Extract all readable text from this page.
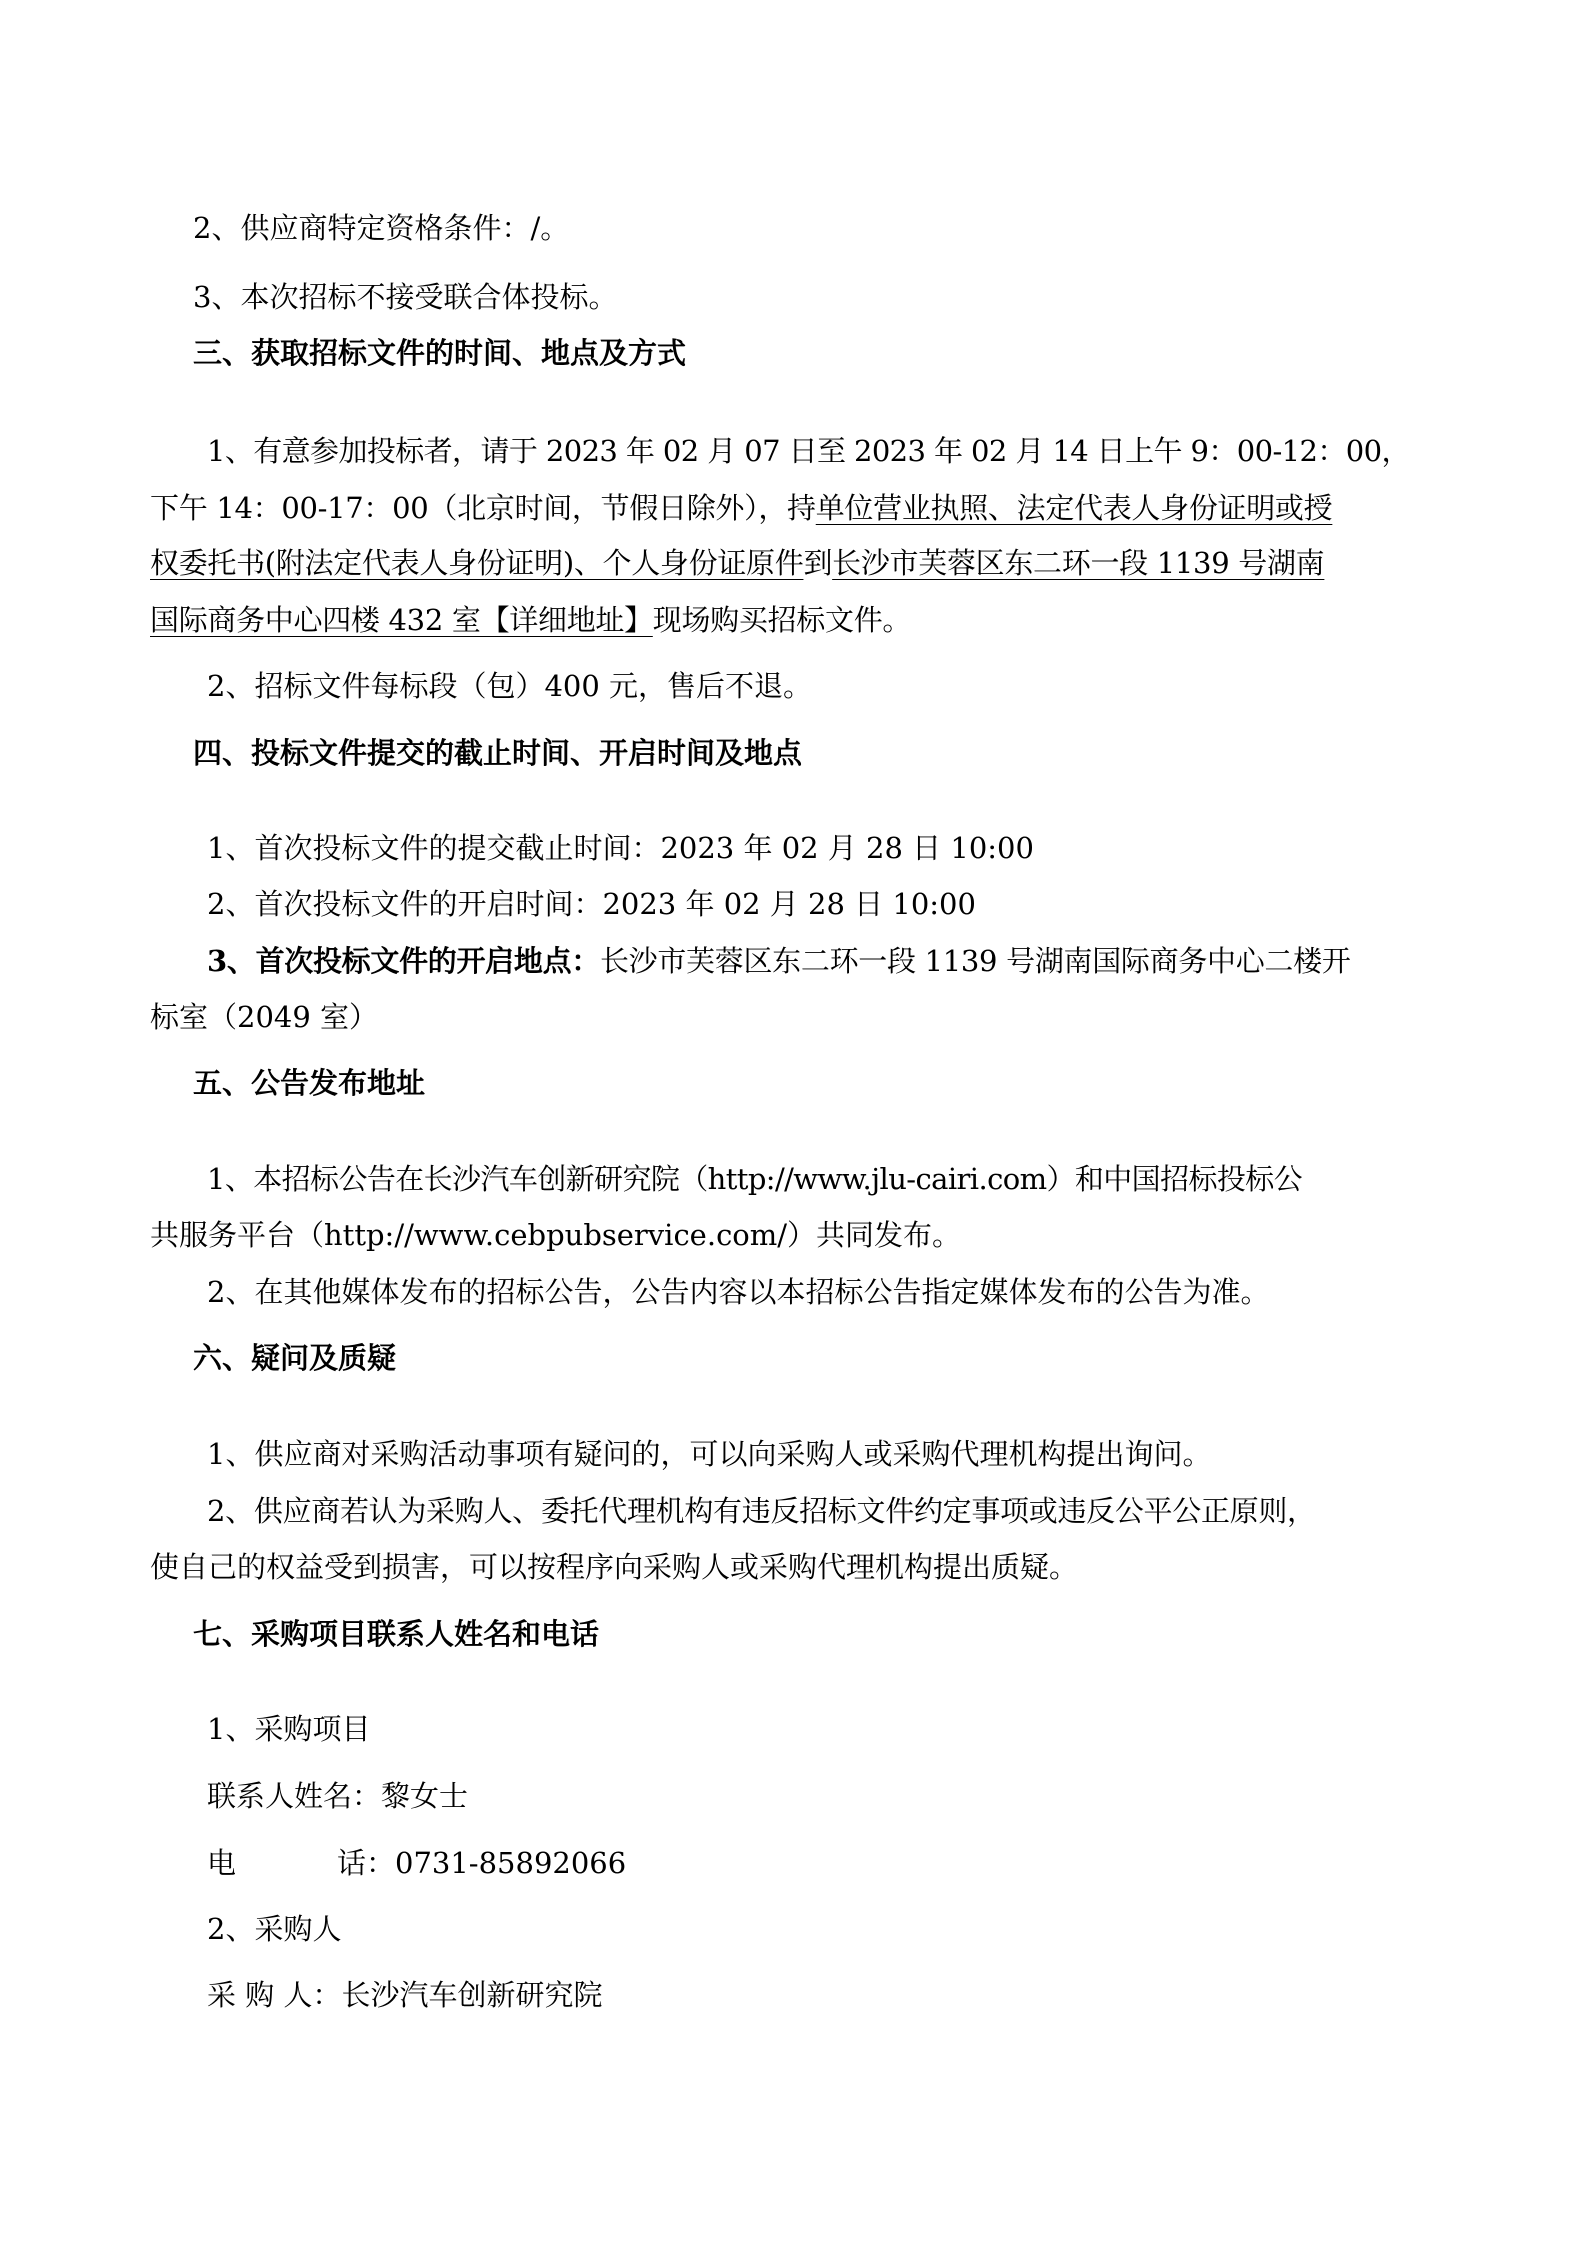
2、供应商特定资格条件：/。
3、本次招标不接受联合体投标。
三、获取招标文件的时间、地点及方式
1、有意参加投标者，请于 2023 年 02 月 07 日至 2023 年 02 月 14 日上午 9：00-12：00，
下午 14：00-17：00（北京时间，节假日除外），持单位营业执照、法定代表人身份证明或授
权委托书(附法定代表人身份证明)、个人身份证原件到长沙市芙蓉区东二环一段 1139 号湖南
国际商务中心四楼 432 室【详细地址】现场购买招标文件。
2、招标文件每标段（包）400 元，售后不退。
四、投标文件提交的截止时间、开启时间及地点
1、首次投标文件的提交截止时间：2023 年 02 月 28 日 10:00
2、首次投标文件的开启时间：2023 年 02 月 28 日 10:00
3、首次投标文件的开启地点：长沙市芙蓉区东二环一段 1139 号湖南国际商务中心二楼开
标室（2049 室）
五、公告发布地址
1、本招标公告在长沙汽车创新研究院（http://www.jlu-cairi.com）和中国招标投标公
共服务平台（http://www.cebpubservice.com/）共同发布。
2、在其他媒体发布的招标公告，公告内容以本招标公告指定媒体发布的公告为准。
六、疑问及质疑
1、供应商对采购活动事项有疑问的，可以向采购人或采购代理机构提出询问。
2、供应商若认为采购人、委托代理机构有违反招标文件约定事项或违反公平公正原则，
使自己的权益受到损害，可以按程序向采购人或采购代理机构提出质疑。
七、采购项目联系人姓名和电话
1、采购项目
联系人姓名：黎女士
电	话：0731-85892066
2、采购人
采 购 人：长沙汽车创新研究院
